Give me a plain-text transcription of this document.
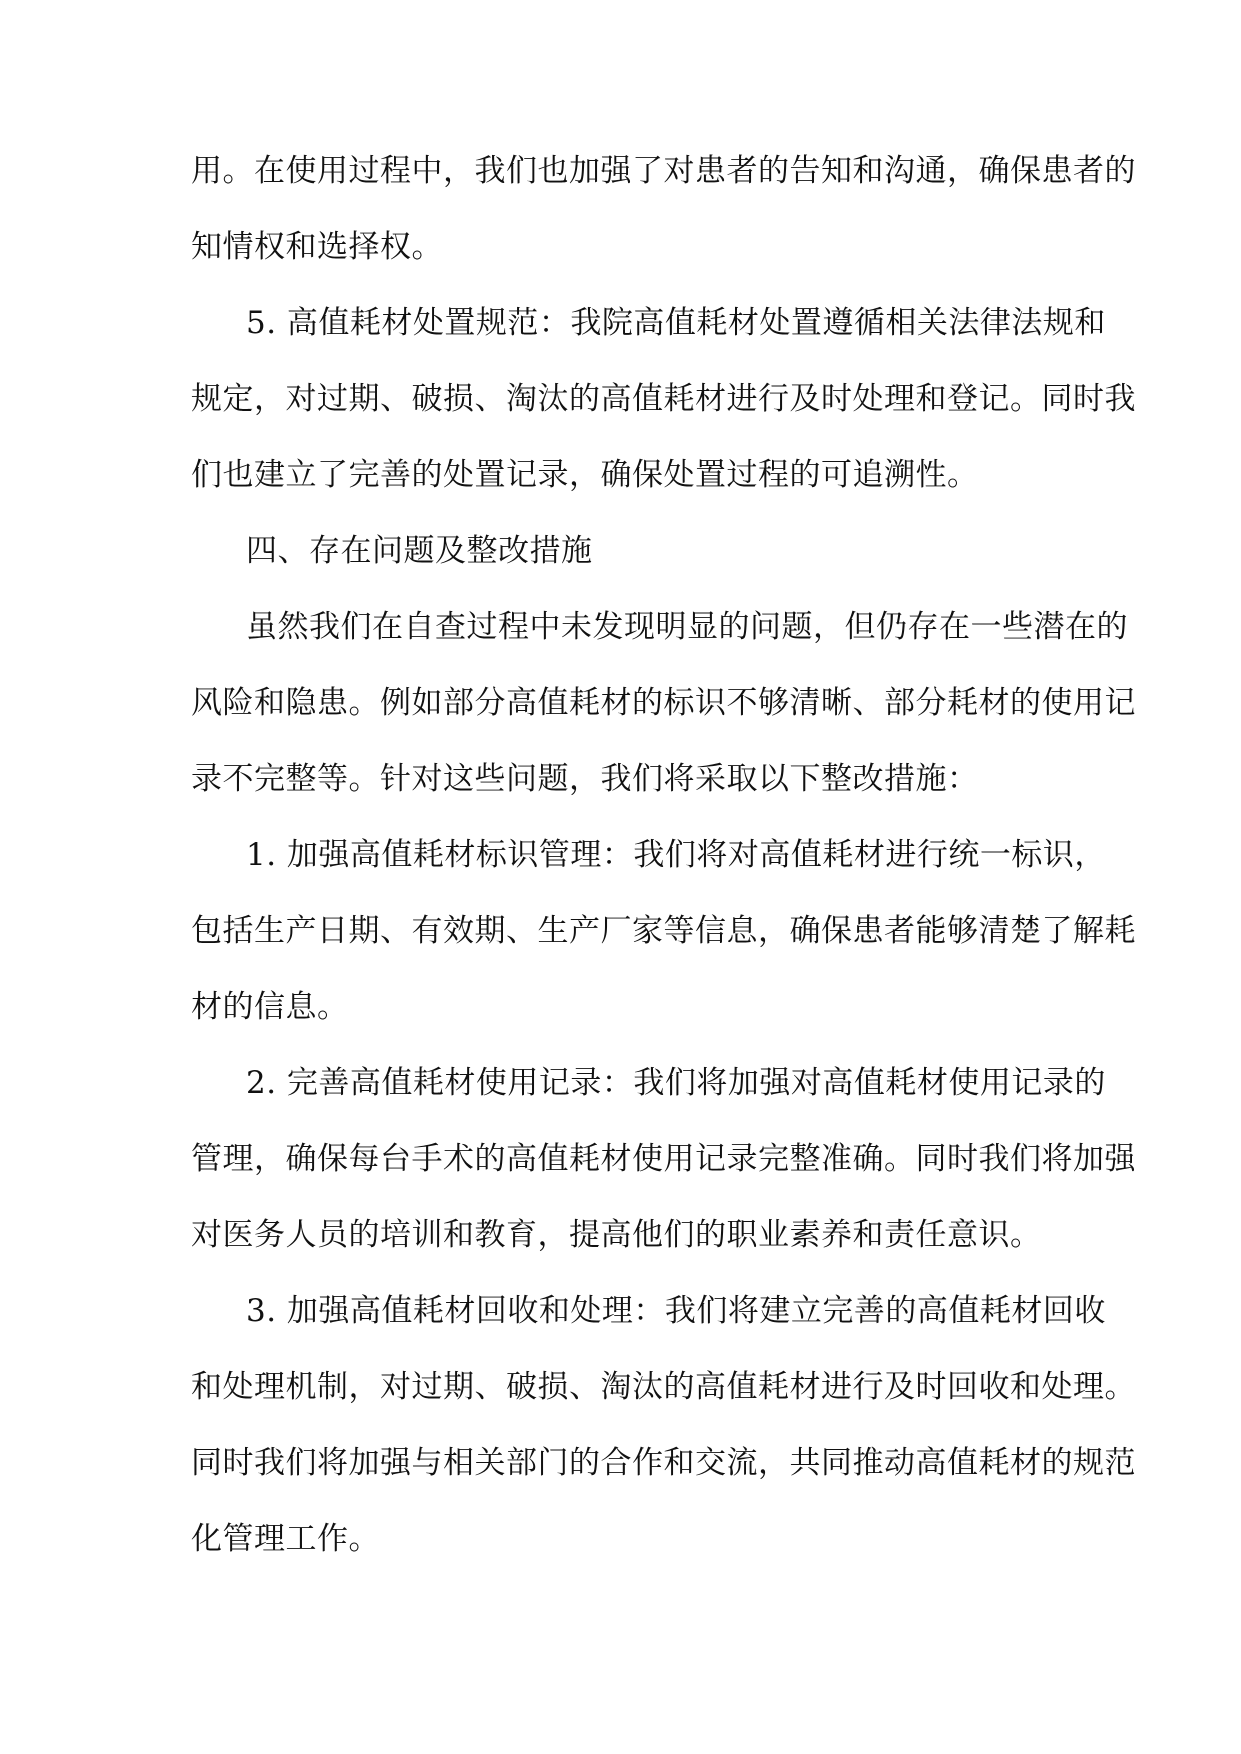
用。在使用过程中，我们也加强了对患者的告知和沟通，确保患者的
知情权和选择权。
5. 高值耗材处置规范：我院高值耗材处置遵循相关法律法规和
规定，对过期、破损、淘汰的高值耗材进行及时处理和登记。同时我
们也建立了完善的处置记录，确保处置过程的可追溯性。
四、存在问题及整改措施
虽然我们在自查过程中未发现明显的问题，但仍存在一些潜在的
风险和隐患。例如部分高值耗材的标识不够清晰、部分耗材的使用记
录不完整等。针对这些问题，我们将采取以下整改措施：
1. 加强高值耗材标识管理：我们将对高值耗材进行统一标识，
包括生产日期、有效期、生产厂家等信息，确保患者能够清楚了解耗
材的信息。
2. 完善高值耗材使用记录：我们将加强对高值耗材使用记录的
管理，确保每台手术的高值耗材使用记录完整准确。同时我们将加强
对医务人员的培训和教育，提高他们的职业素养和责任意识。
3. 加强高值耗材回收和处理：我们将建立完善的高值耗材回收
和处理机制，对过期、破损、淘汰的高值耗材进行及时回收和处理。
同时我们将加强与相关部门的合作和交流，共同推动高值耗材的规范
化管理工作。
